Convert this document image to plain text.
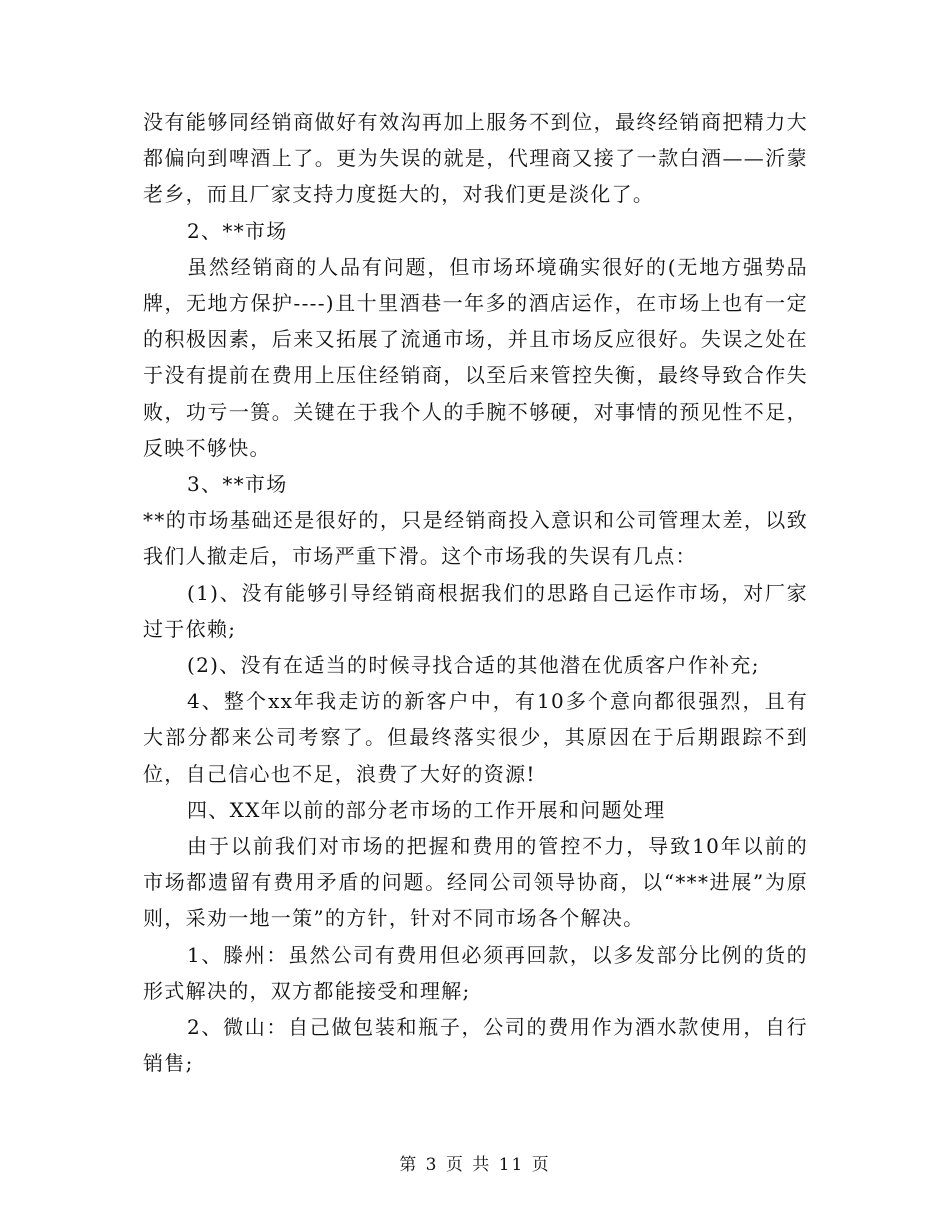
没有能够同经销商做好有效沟再加上服务不到位，最终经销商把精力大都偏向到啤酒上了。更为失误的就是，代理商又接了一款白酒——沂蒙老乡，而且厂家支持力度挺大的，对我们更是淡化了。

2、**市场

虽然经销商的人品有问题，但市场环境确实很好的(无地方强势品牌，无地方保护----)且十里酒巷一年多的酒店运作，在市场上也有一定的积极因素，后来又拓展了流通市场，并且市场反应很好。失误之处在于没有提前在费用上压住经销商，以至后来管控失衡，最终导致合作失败，功亏一篑。关键在于我个人的手腕不够硬，对事情的预见性不足，反映不够快。

3、**市场

**的市场基础还是很好的，只是经销商投入意识和公司管理太差，以致我们人撤走后，市场严重下滑。这个市场我的失误有几点：

(1)、没有能够引导经销商根据我们的思路自己运作市场，对厂家过于依赖;

(2)、没有在适当的时候寻找合适的其他潜在优质客户作补充;

4、整个xx年我走访的新客户中，有10多个意向都很强烈，且有大部分都来公司考察了。但最终落实很少，其原因在于后期跟踪不到位，自己信心也不足，浪费了大好的资源!

四、XX年以前的部分老市场的工作开展和问题处理

由于以前我们对市场的把握和费用的管控不力，导致10年以前的市场都遗留有费用矛盾的问题。经同公司领导协商，以“***进展”为原则，采劝一地一策”的方针，针对不同市场各个解决。

1、滕州：虽然公司有费用但必须再回款，以多发部分比例的货的形式解决的，双方都能接受和理解;

2、微山：自己做包装和瓶子，公司的费用作为酒水款使用，自行销售;

第 3 页 共 11 页
